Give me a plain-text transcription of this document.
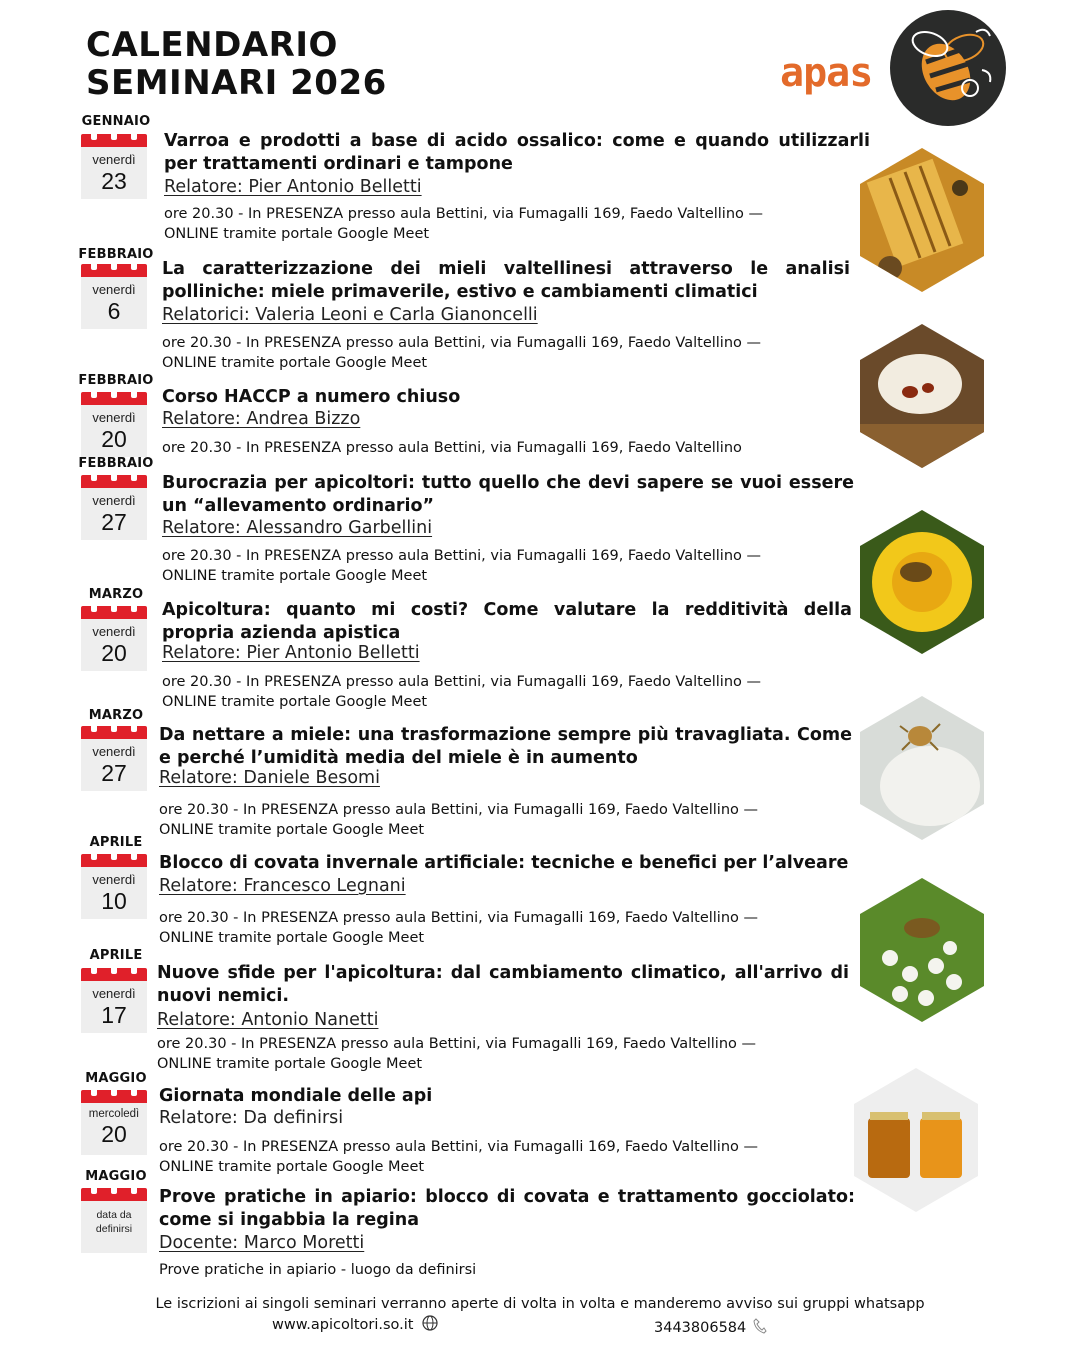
CALENDARIO
SEMINARI 2026	apas
GENNAIO
venerdì
23

Varroa e prodotti a base di acido ossalico: come e quando utilizzarli per trattamenti ordinari e tampone

Relatore: Pier Antonio Belletti
ore 20.30 - In PRESENZA presso aula Bettini, via Fumagalli 169, Faedo Valtellino —
ONLINE tramite portale Google Meet
FEBBRAIO
venerdì
6

La caratterizzazione dei mieli valtellinesi attraverso le analisi polliniche: miele primaverile, estivo e cambiamenti climatici

Relatorici: Valeria Leoni e Carla Gianoncelli
ore 20.30 - In PRESENZA presso aula Bettini, via Fumagalli 169, Faedo Valtellino —
ONLINE tramite portale Google Meet
FEBBRAIO
venerdì
20

Corso HACCP a numero chiuso

Relatore: Andrea Bizzo
ore 20.30 - In PRESENZA presso aula Bettini, via Fumagalli 169, Faedo Valtellino
FEBBRAIO
venerdì
27

Burocrazia per apicoltori: tutto quello che devi sapere se vuoi essere un “allevamento ordinario”

Relatore: Alessandro Garbellini
ore 20.30 - In PRESENZA presso aula Bettini, via Fumagalli 169, Faedo Valtellino —
ONLINE tramite portale Google Meet
MARZO
venerdì
20

Apicoltura: quanto mi costi? Come valutare la redditività della propria azienda apistica

Relatore: Pier Antonio Belletti
ore 20.30 - In PRESENZA presso aula Bettini, via Fumagalli 169, Faedo Valtellino —
ONLINE tramite portale Google Meet
MARZO
venerdì
27

Da nettare a miele: una trasformazione sempre più travagliata. Come e perché l’umidità media del miele è in aumento

Relatore: Daniele Besomi
ore 20.30 - In PRESENZA presso aula Bettini, via Fumagalli 169, Faedo Valtellino —
ONLINE tramite portale Google Meet
APRILE
venerdì
10

Blocco di covata invernale artificiale: tecniche e benefici per l’alveare

Relatore: Francesco Legnani
ore 20.30 - In PRESENZA presso aula Bettini, via Fumagalli 169, Faedo Valtellino —
ONLINE tramite portale Google Meet
APRILE
venerdì
17

Nuove sfide per l'apicoltura: dal cambiamento climatico, all'arrivo di nuovi nemici.

Relatore: Antonio Nanetti
ore 20.30 - In PRESENZA presso aula Bettini, via Fumagalli 169, Faedo Valtellino —
ONLINE tramite portale Google Meet
MAGGIO
mercoledì
20

Giornata mondiale delle api

Relatore: Da definirsi
ore 20.30 - In PRESENZA presso aula Bettini, via Fumagalli 169, Faedo Valtellino —
ONLINE tramite portale Google Meet
MAGGIO
data da
definirsi

Prove pratiche in apiario: blocco di covata e trattamento gocciolato: come si ingabbia la regina

Docente: Marco Moretti
Prove pratiche in apiario - luogo da definirsi
Le iscrizioni ai singoli seminari verranno aperte di volta in volta e manderemo avviso sui gruppi whatsapp
www.apicoltori.so.it	3443806584
